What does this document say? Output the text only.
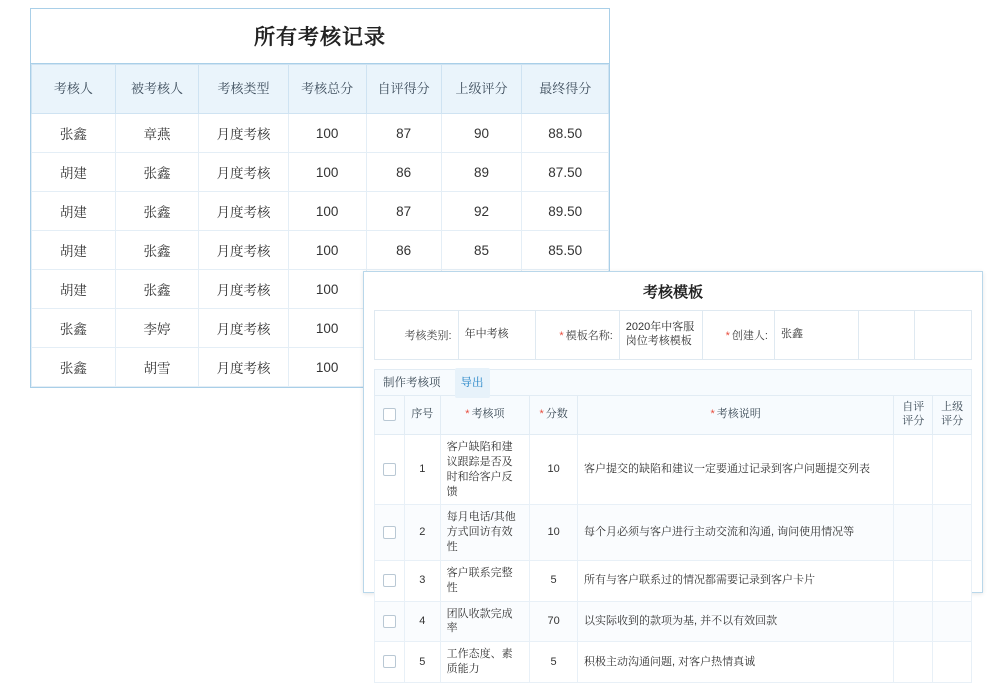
所有考核记录
考核人	被考核人	考核类型	考核总分	自评得分	上级评分	最终得分
张鑫	章燕	月度考核	100	87	90	88.50
胡建	张鑫	月度考核	100	86	89	87.50
胡建	张鑫	月度考核	100	87	92	89.50
胡建	张鑫	月度考核	100	86	85	85.50
胡建	张鑫	月度考核	100			
张鑫	李婷	月度考核	100			
张鑫	胡雪	月度考核	100			
考核模板
考核类别:	年中考核	* 模板名称:	2020年中客服岗位考核模板	* 创建人:	张鑫		
制作考核项	导出
	序号	* 考核项	* 分数	* 考核说明	自评评分	上级评分
	1	客户缺陷和建议跟踪是否及时和给客户反馈	10	客户提交的缺陷和建议一定要通过记录到客户问题提交列表		
	2	每月电话/其他方式回访有效性	10	每个月必须与客户进行主动交流和沟通, 询问使用情况等		
	3	客户联系完整性	5	所有与客户联系过的情况都需要记录到客户卡片		
	4	团队收款完成率	70	以实际收到的款项为基, 并不以有效回款		
	5	工作态度、素质能力	5	积极主动沟通问题, 对客户热情真诚		
